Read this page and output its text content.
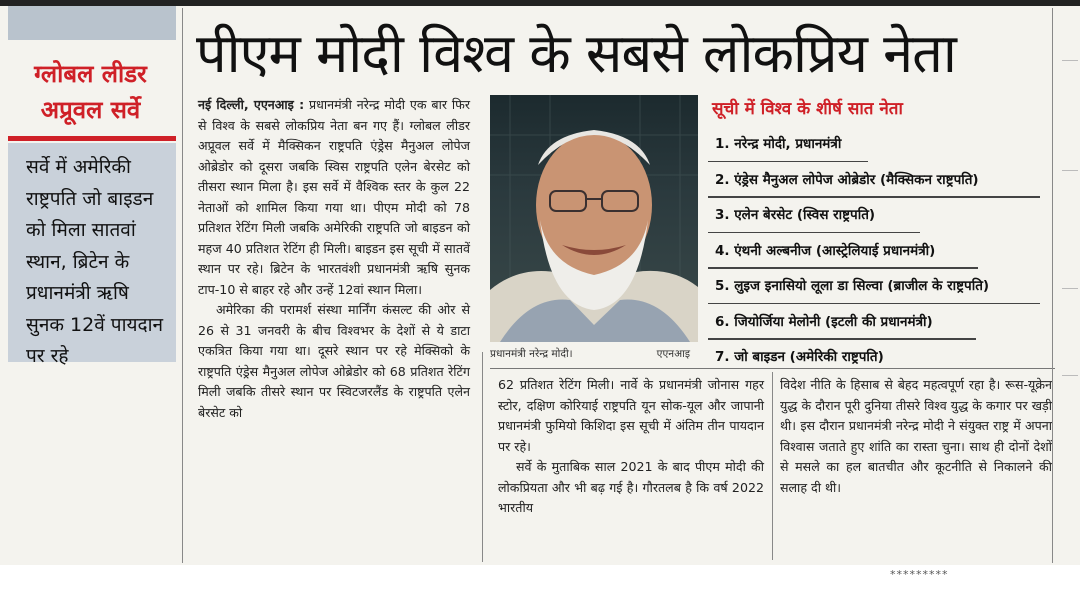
ग्लोबल लीडर
अप्रूवल सर्वे

सर्वे में अमेरिकी राष्ट्रपति जो बाइडन को मिला सातवां स्थान, ब्रिटेन के प्रधानमंत्री ऋषि सुनक 12वें पायदान पर रहे

पीएम मोदी विश्व के सबसे लोकप्रिय नेता

नई दिल्ली, एएनआइ : प्रधानमंत्री नरेन्द्र मोदी एक बार फिर से विश्व के सबसे लोकप्रिय नेता बन गए हैं। ग्लोबल लीडर अप्रूवल सर्वे में मैक्सिकन राष्ट्रपति एंड्रेस मैनुअल लोपेज ओब्रेडोर को दूसरा जबकि स्विस राष्ट्रपति एलेन बेरसेट को तीसरा स्थान मिला है। इस सर्वे में वैश्विक स्तर के कुल 22 नेताओं को शामिल किया गया था। पीएम मोदी को 78 प्रतिशत रेटिंग मिली जबकि अमेरिकी राष्ट्रपति जो बाइडन को महज 40 प्रतिशत रेटिंग ही मिली। बाइडन इस सूची में सातवें स्थान पर रहे। ब्रिटेन के भारतवंशी प्रधानमंत्री ऋषि सुनक टाप-10 से बाहर रहे और उन्हें 12वां स्थान मिला।

अमेरिका की परामर्श संस्था मार्निंग कंसल्ट की ओर से 26 से 31 जनवरी के बीच विश्वभर के देशों से ये डाटा एकत्रित किया गया था। दूसरे स्थान पर रहे मेक्सिको के राष्ट्रपति एंड्रेस मैनुअल लोपेज ओब्रेडोर को 68 प्रतिशत रेटिंग मिली जबकि तीसरे स्थान पर स्विटजरलैंड के राष्ट्रपति एलेन बेरसेट को

प्रधानमंत्री नरेन्द्र मोदी।	एएनआइ

62 प्रतिशत रेटिंग मिली। नार्वे के प्रधानमंत्री जोनास गहर स्टोर, दक्षिण कोरियाई राष्ट्रपति यून सोक-यूल और जापानी प्रधानमंत्री फुमियो किशिदा इस सूची में अंतिम तीन पायदान पर रहे।

सर्वे के मुताबिक साल 2021 के बाद पीएम मोदी की लोकप्रियता और भी बढ़ गई है। गौरतलब है कि वर्ष 2022 भारतीय

विदेश नीति के हिसाब से बेहद महत्वपूर्ण रहा है। रूस-यूक्रेन युद्ध के दौरान पूरी दुनिया तीसरे विश्व युद्ध के कगार पर खड़ी थी। इस दौरान प्रधानमंत्री नरेन्द्र मोदी ने संयुक्त राष्ट्र में अपना विश्वास जताते हुए शांति का रास्ता चुना। साथ ही दोनों देशों से मसले का हल बातचीत और कूटनीति से निकालने की सलाह दी थी।

सूची में विश्व के शीर्ष सात नेता
1. नरेन्द्र मोदी, प्रधानमंत्री
2. एंड्रेस मैनुअल लोपेज ओब्रेडोर (मैक्सिकन राष्ट्रपति)
3. एलेन बेरसेट (स्विस राष्ट्रपति)
4. एंथनी अल्बनीज (आस्ट्रेलियाई प्रधानमंत्री)
5. लुइज इनासियो लूला डा सिल्वा (ब्राजील के राष्ट्रपति)
6. जियोर्जिया मेलोनी (इटली की प्रधानमंत्री)
7. जो बाइडन (अमेरिकी राष्ट्रपति)
*********
